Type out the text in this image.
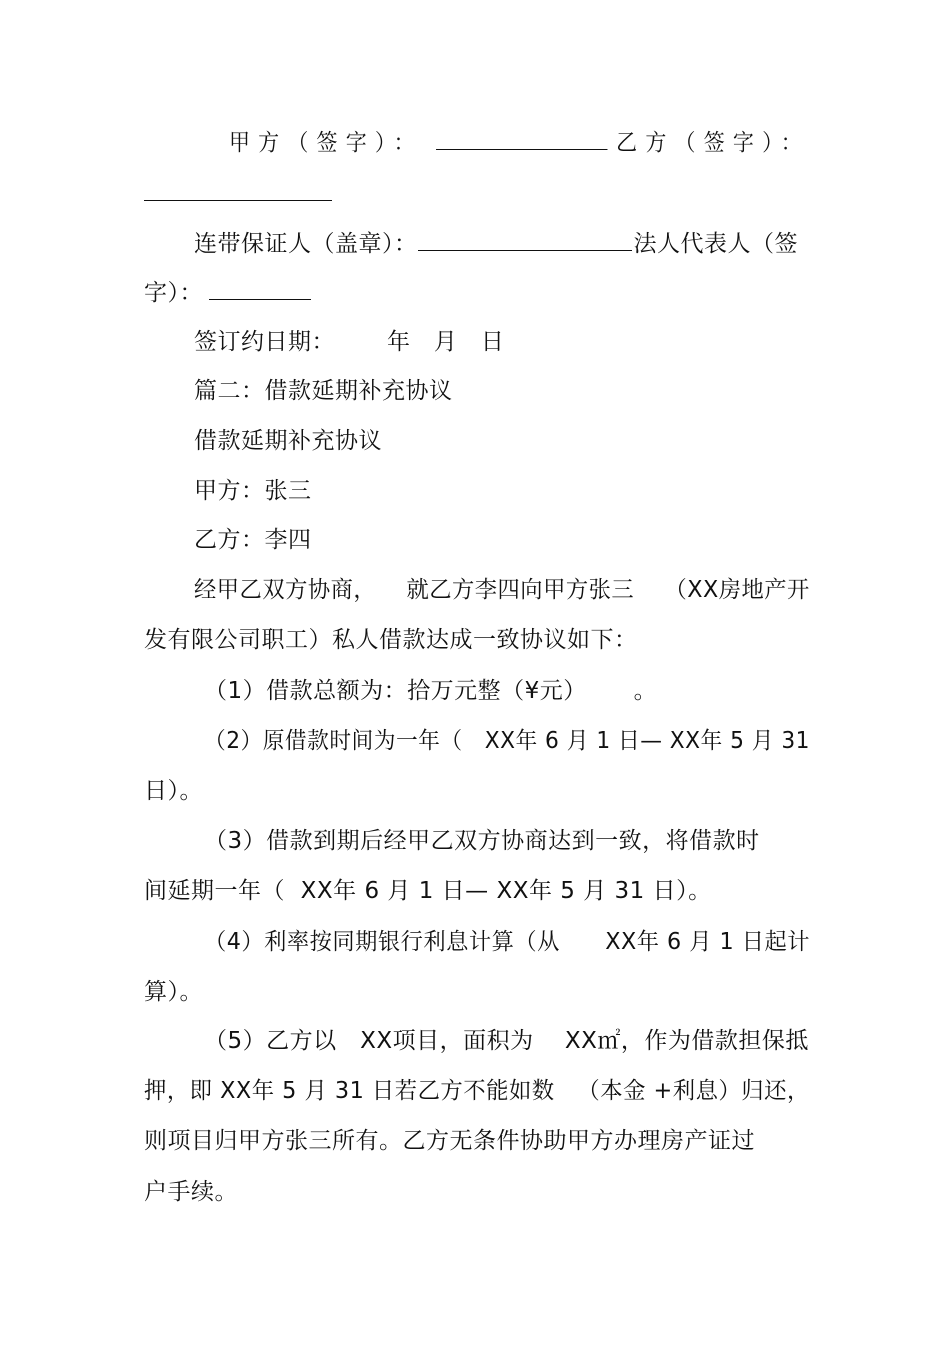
甲方（签字）：	乙方（签字）：
连带保证人（盖章）：	法人代表人（签
字）：
签订约日期： 年   月   日
篇二：借款延期补充协议
借款延期补充协议
甲方：张三
乙方：李四
经甲乙双方协商，    就乙方李四向甲方张三    （XX房地产开
发有限公司职工）私人借款达成一致协议如下：
（1）借款总额为：拾万元整（¥元）      。
（2）原借款时间为一年（   XX年 6 月 1 日— XX年 5 月 31
日）。
（3）借款到期后经甲乙双方协商达到一致，将借款时
间延期一年（  XX年 6 月 1 日— XX年 5 月 31 日）。
（4）利率按同期银行利息计算（从      XX年 6 月 1 日起计
算）。
（5）乙方以   XX项目，面积为    XX㎡，作为借款担保抵
押，即 XX年 5 月 31 日若乙方不能如数   （本金 +利息）归还，
则项目归甲方张三所有。乙方无条件协助甲方办理房产证过
户手续。
